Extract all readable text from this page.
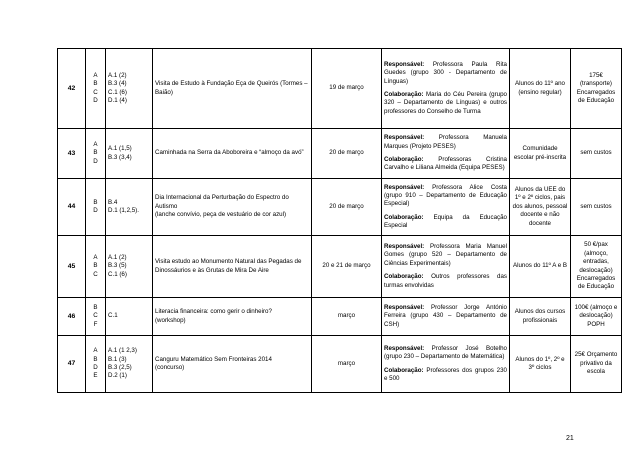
42	A
B
C
D	A.1 (2)
B.3 (4)
C.1 (6)
D.1 (4)	Visita de Estudo à Fundação Eça de Queirós (Tormes – Baião)	19 de março	Responsável: Professora Paula Rita Guedes (grupo 300 - Departamento de Línguas)
Colaboração: Maria do Céu Pereira (grupo 320 – Departamento de Línguas) e outros professores do Conselho de Turma	Alunos do 11º ano (ensino regular)	175€ (transporte) Encarregados de Educação
43	A
B
D	A.1 (1,5)
B.3 (3,4)	Caminhada na Serra da Aboboreira e “almoço da avó”	20 de março	Responsável: Professora Manuela Marques (Projeto PESES)
Colaboração: Professoras Cristina Carvalho e Liliana Almeida (Equipa PESES)	Comunidade escolar pré-inscrita	sem custos
44	B
D	B.4
D.1 (1,2,5).	Dia Internacional da Perturbação do Espectro do Autismo
(lanche convívio, peça de vestuário de cor azul)	20 de março	Responsável: Professora Alice Costa (grupo 910 – Departamento de Educação Especial)
Colaboração: Equipa da Educação Especial	Alunos da UEE do 1º e 2º ciclos, pais dos alunos, pessoal docente e não docente	sem custos
45	A
B
C	A.1 (2)
B.3 (5)
C.1 (6)	Visita estudo ao Monumento Natural das Pegadas de Dinossáurios e às Grutas de Mira De Aire	20 e 21 de março	Responsável: Professora Maria Manuel Gomes (grupo 520 – Departamento de Ciências Experimentais)
Colaboração: Outros professores das turmas envolvidas	Alunos do 11º A e B	50 €/pax (almoço, entradas, deslocação) Encarregados de Educação
46	B
C
F	C.1	Literacia financeira: como gerir o dinheiro?
(workshop)	março	Responsável: Professor Jorge António Ferreira (grupo 430 – Departamento de CSH)	Alunos dos cursos profissionais	100€ (almoço e deslocação) POPH
47	A
B
D
E	A.1 (1 2,3)
B.1 (3)
B.3 (2,5)
D.2 (1)	Canguru Matemático Sem Fronteiras 2014
(concurso)	março	Responsável: Professor José Botelho (grupo 230 – Departamento de Matemática)
Colaboração: Professores dos grupos 230 e 500	Alunos do 1º, 2º e 3º ciclos	25€ Orçamento privativo da escola
21
